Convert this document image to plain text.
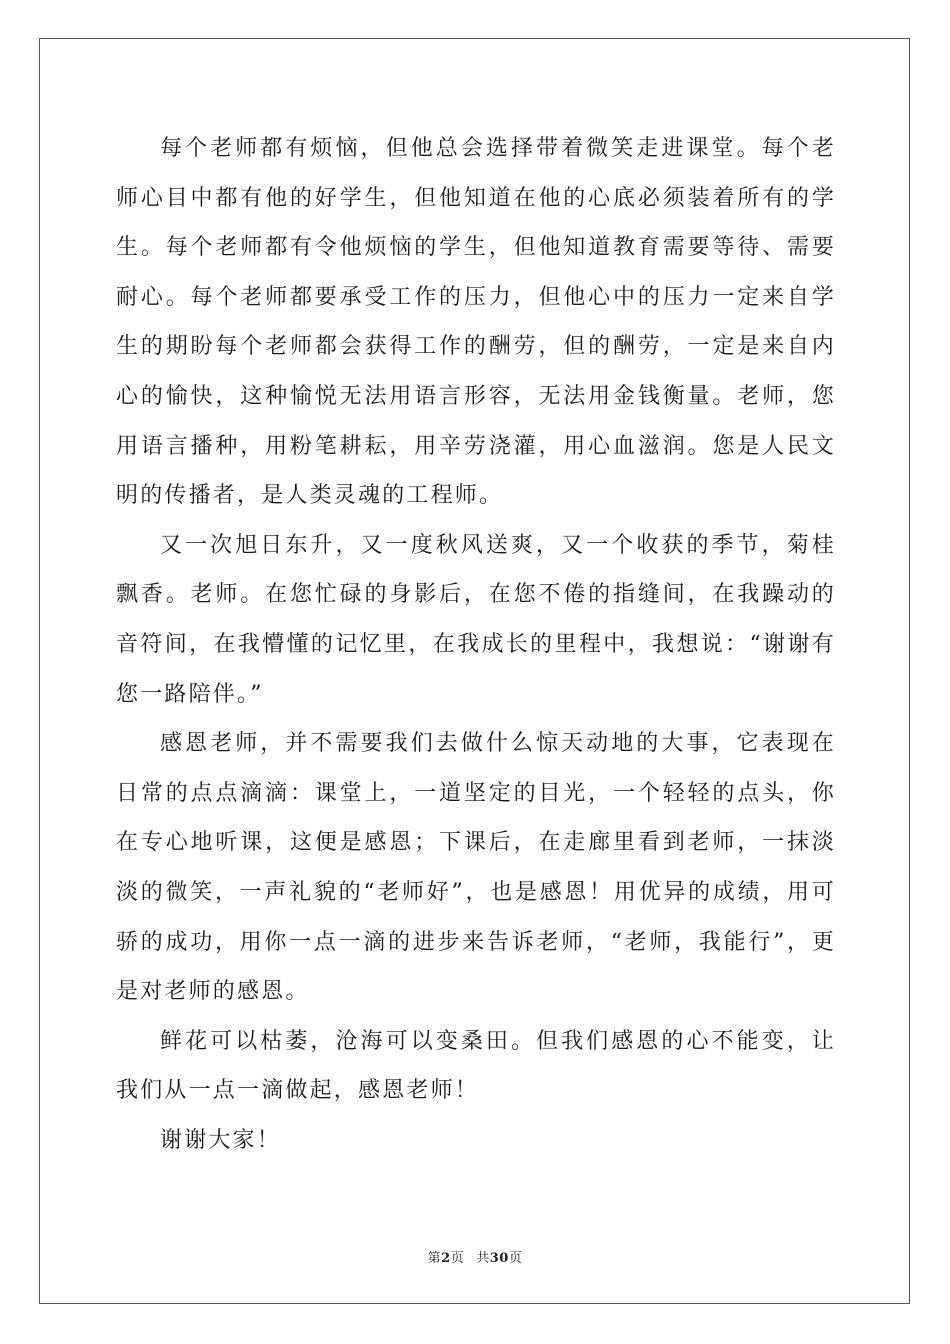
每个老师都有烦恼，但他总会选择带着微笑走进课堂。每个老师心目中都有他的好学生，但他知道在他的心底必须装着所有的学生。每个老师都有令他烦恼的学生，但他知道教育需要等待、需要耐心。每个老师都要承受工作的压力，但他心中的压力一定来自学生的期盼每个老师都会获得工作的酬劳，但的酬劳，一定是来自内心的愉快，这种愉悦无法用语言形容，无法用金钱衡量。老师，您用语言播种，用粉笔耕耘，用辛劳浇灌，用心血滋润。您是人民文明的传播者，是人类灵魂的工程师。

又一次旭日东升，又一度秋风送爽，又一个收获的季节，菊桂飘香。老师。在您忙碌的身影后，在您不倦的指缝间，在我躁动的音符间，在我懵懂的记忆里，在我成长的里程中，我想说：“谢谢有您一路陪伴。”

感恩老师，并不需要我们去做什么惊天动地的大事，它表现在日常的点点滴滴：课堂上，一道坚定的目光，一个轻轻的点头，你在专心地听课，这便是感恩；下课后，在走廊里看到老师，一抹淡淡的微笑，一声礼貌的“老师好”，也是感恩！用优异的成绩，用可骄的成功，用你一点一滴的进步来告诉老师，“老师，我能行”，更是对老师的感恩。

鲜花可以枯萎，沧海可以变桑田。但我们感恩的心不能变，让我们从一点一滴做起，感恩老师！

谢谢大家！

第2页 共30页
